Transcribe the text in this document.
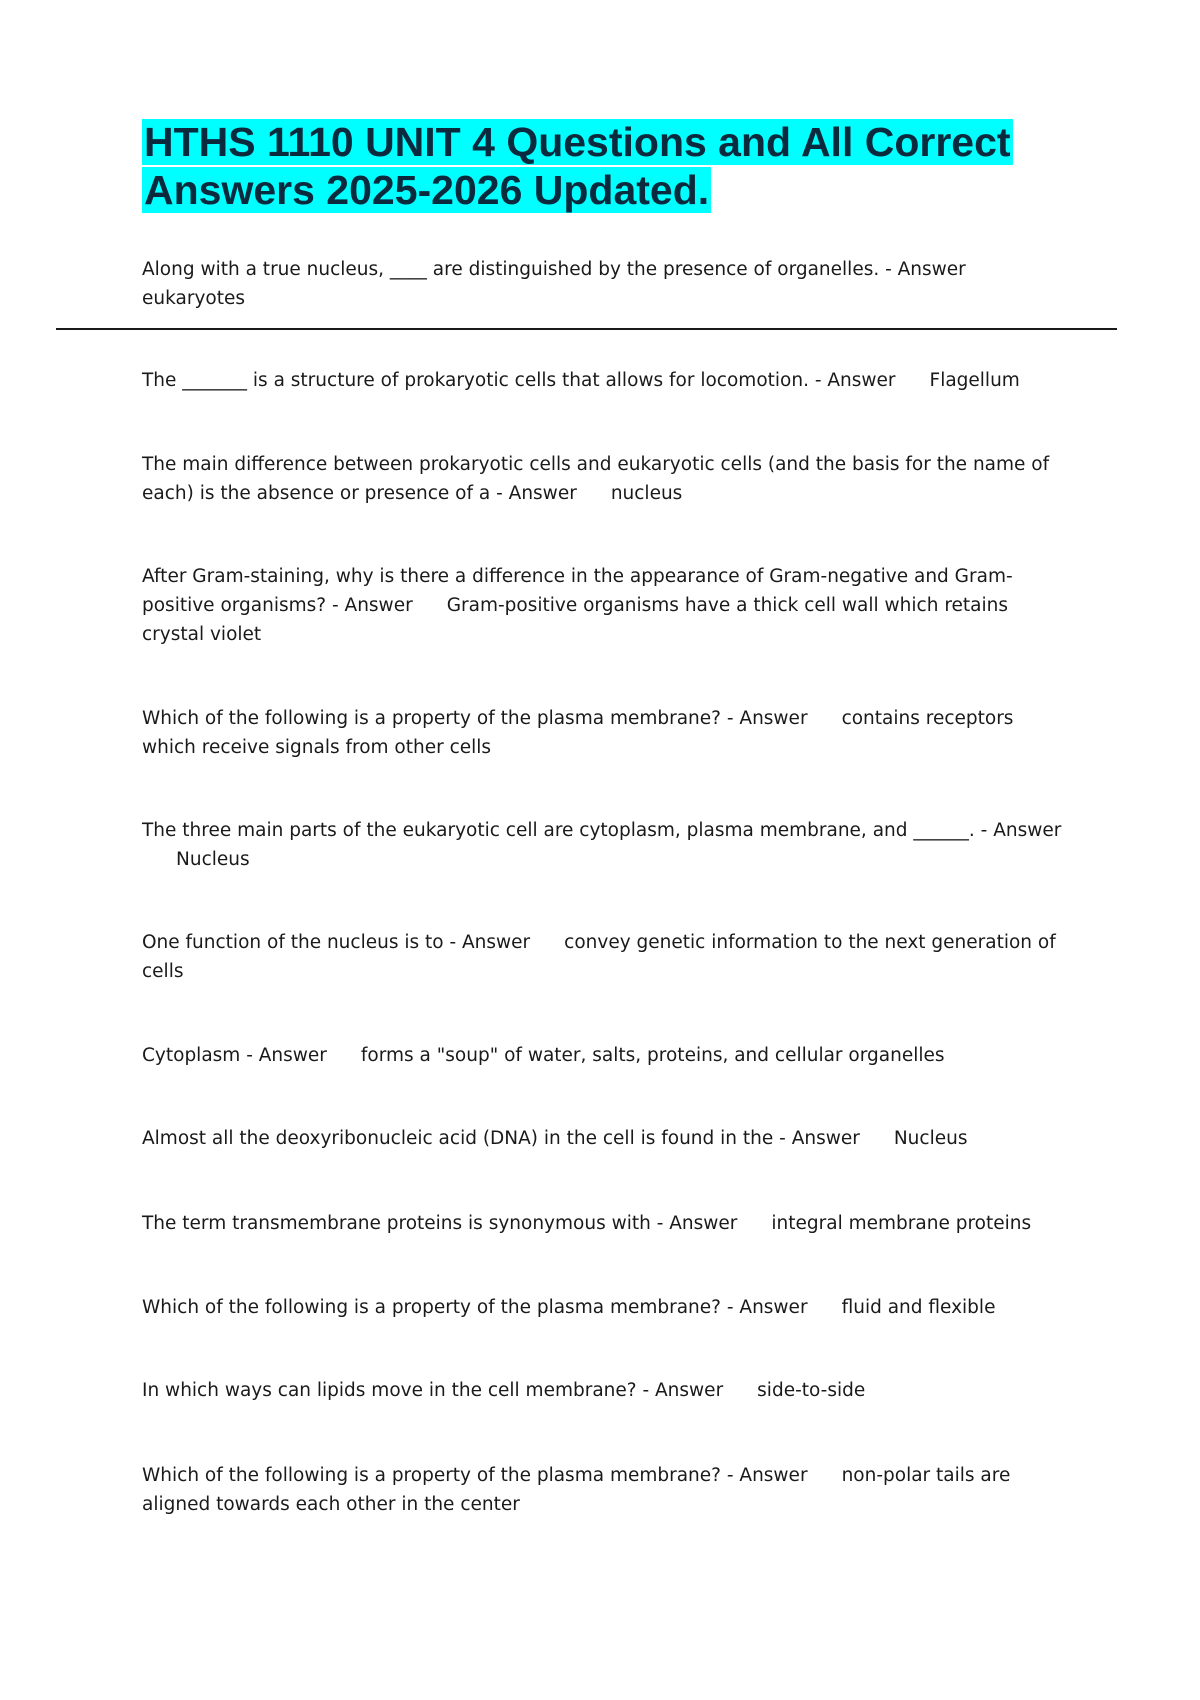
HTHS 1110 UNIT 4 Questions and All Correct Answers 2025-2026 Updated.

Along with a true nucleus, ____ are distinguished by the presence of organelles. - Answer
eukaryotes

The _______ is a structure of prokaryotic cells that allows for locomotion. - Answer Flagellum

The main difference between prokaryotic cells and eukaryotic cells (and the basis for the name of each) is the absence or presence of a - Answer nucleus

After Gram-staining, why is there a difference in the appearance of Gram-negative and Gram-positive organisms? - Answer Gram-positive organisms have a thick cell wall which retains crystal violet

Which of the following is a property of the plasma membrane? - Answer contains receptors which receive signals from other cells

The three main parts of the eukaryotic cell are cytoplasm, plasma membrane, and ______. - AnswerNucleus

One function of the nucleus is to - Answer convey genetic information to the next generation of cells

Cytoplasm - Answer forms a "soup" of water, salts, proteins, and cellular organelles

Almost all the deoxyribonucleic acid (DNA) in the cell is found in the - Answer Nucleus

The term transmembrane proteins is synonymous with - Answer integral membrane proteins

Which of the following is a property of the plasma membrane? - Answer fluid and flexible

In which ways can lipids move in the cell membrane? - Answer side-to-side

Which of the following is a property of the plasma membrane? - Answer non-polar tails are aligned towards each other in the center
